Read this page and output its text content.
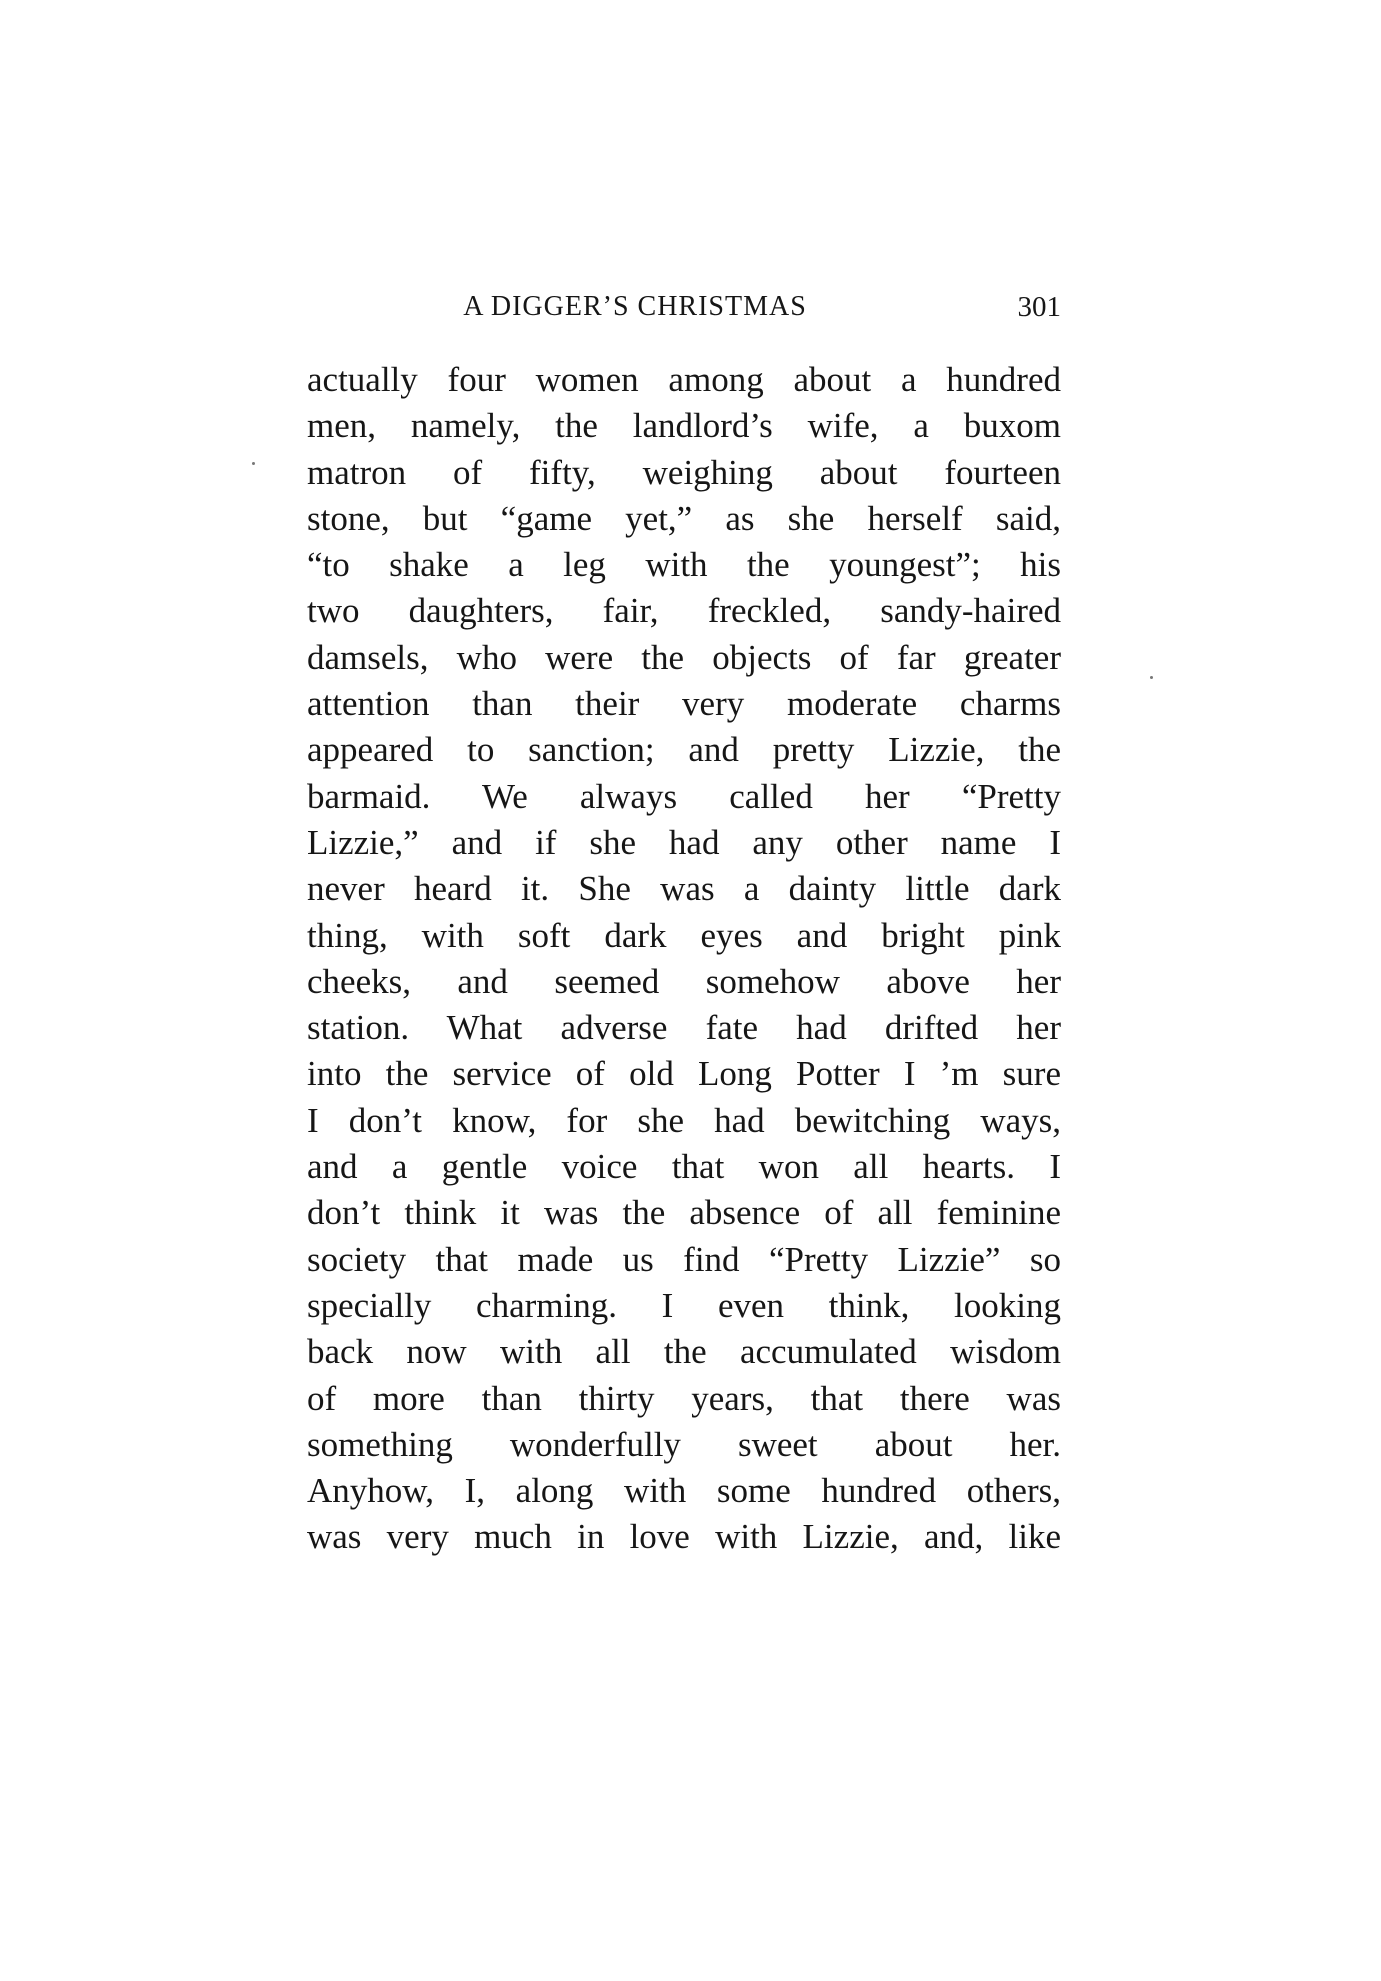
A DIGGER’S CHRISTMAS	301
actually four women among about a hundred
men, namely, the landlord’s wife, a buxom
matron of fifty, weighing about fourteen
stone, but “game yet,” as she herself said,
“to shake a leg with the youngest”; his
two daughters, fair, freckled, sandy-haired
damsels, who were the objects of far greater
attention than their very moderate charms
appeared to sanction; and pretty Lizzie, the
barmaid. We always called her “Pretty
Lizzie,” and if she had any other name I
never heard it. She was a dainty little dark
thing, with soft dark eyes and bright pink
cheeks, and seemed somehow above her
station. What adverse fate had drifted her
into the service of old Long Potter I ’m sure
I don’t know, for she had bewitching ways,
and a gentle voice that won all hearts. I
don’t think it was the absence of all feminine
society that made us find “Pretty Lizzie” so
specially charming. I even think, looking
back now with all the accumulated wisdom
of more than thirty years, that there was
something wonderfully sweet about her.
Anyhow, I, along with some hundred others,
was very much in love with Lizzie, and, like
